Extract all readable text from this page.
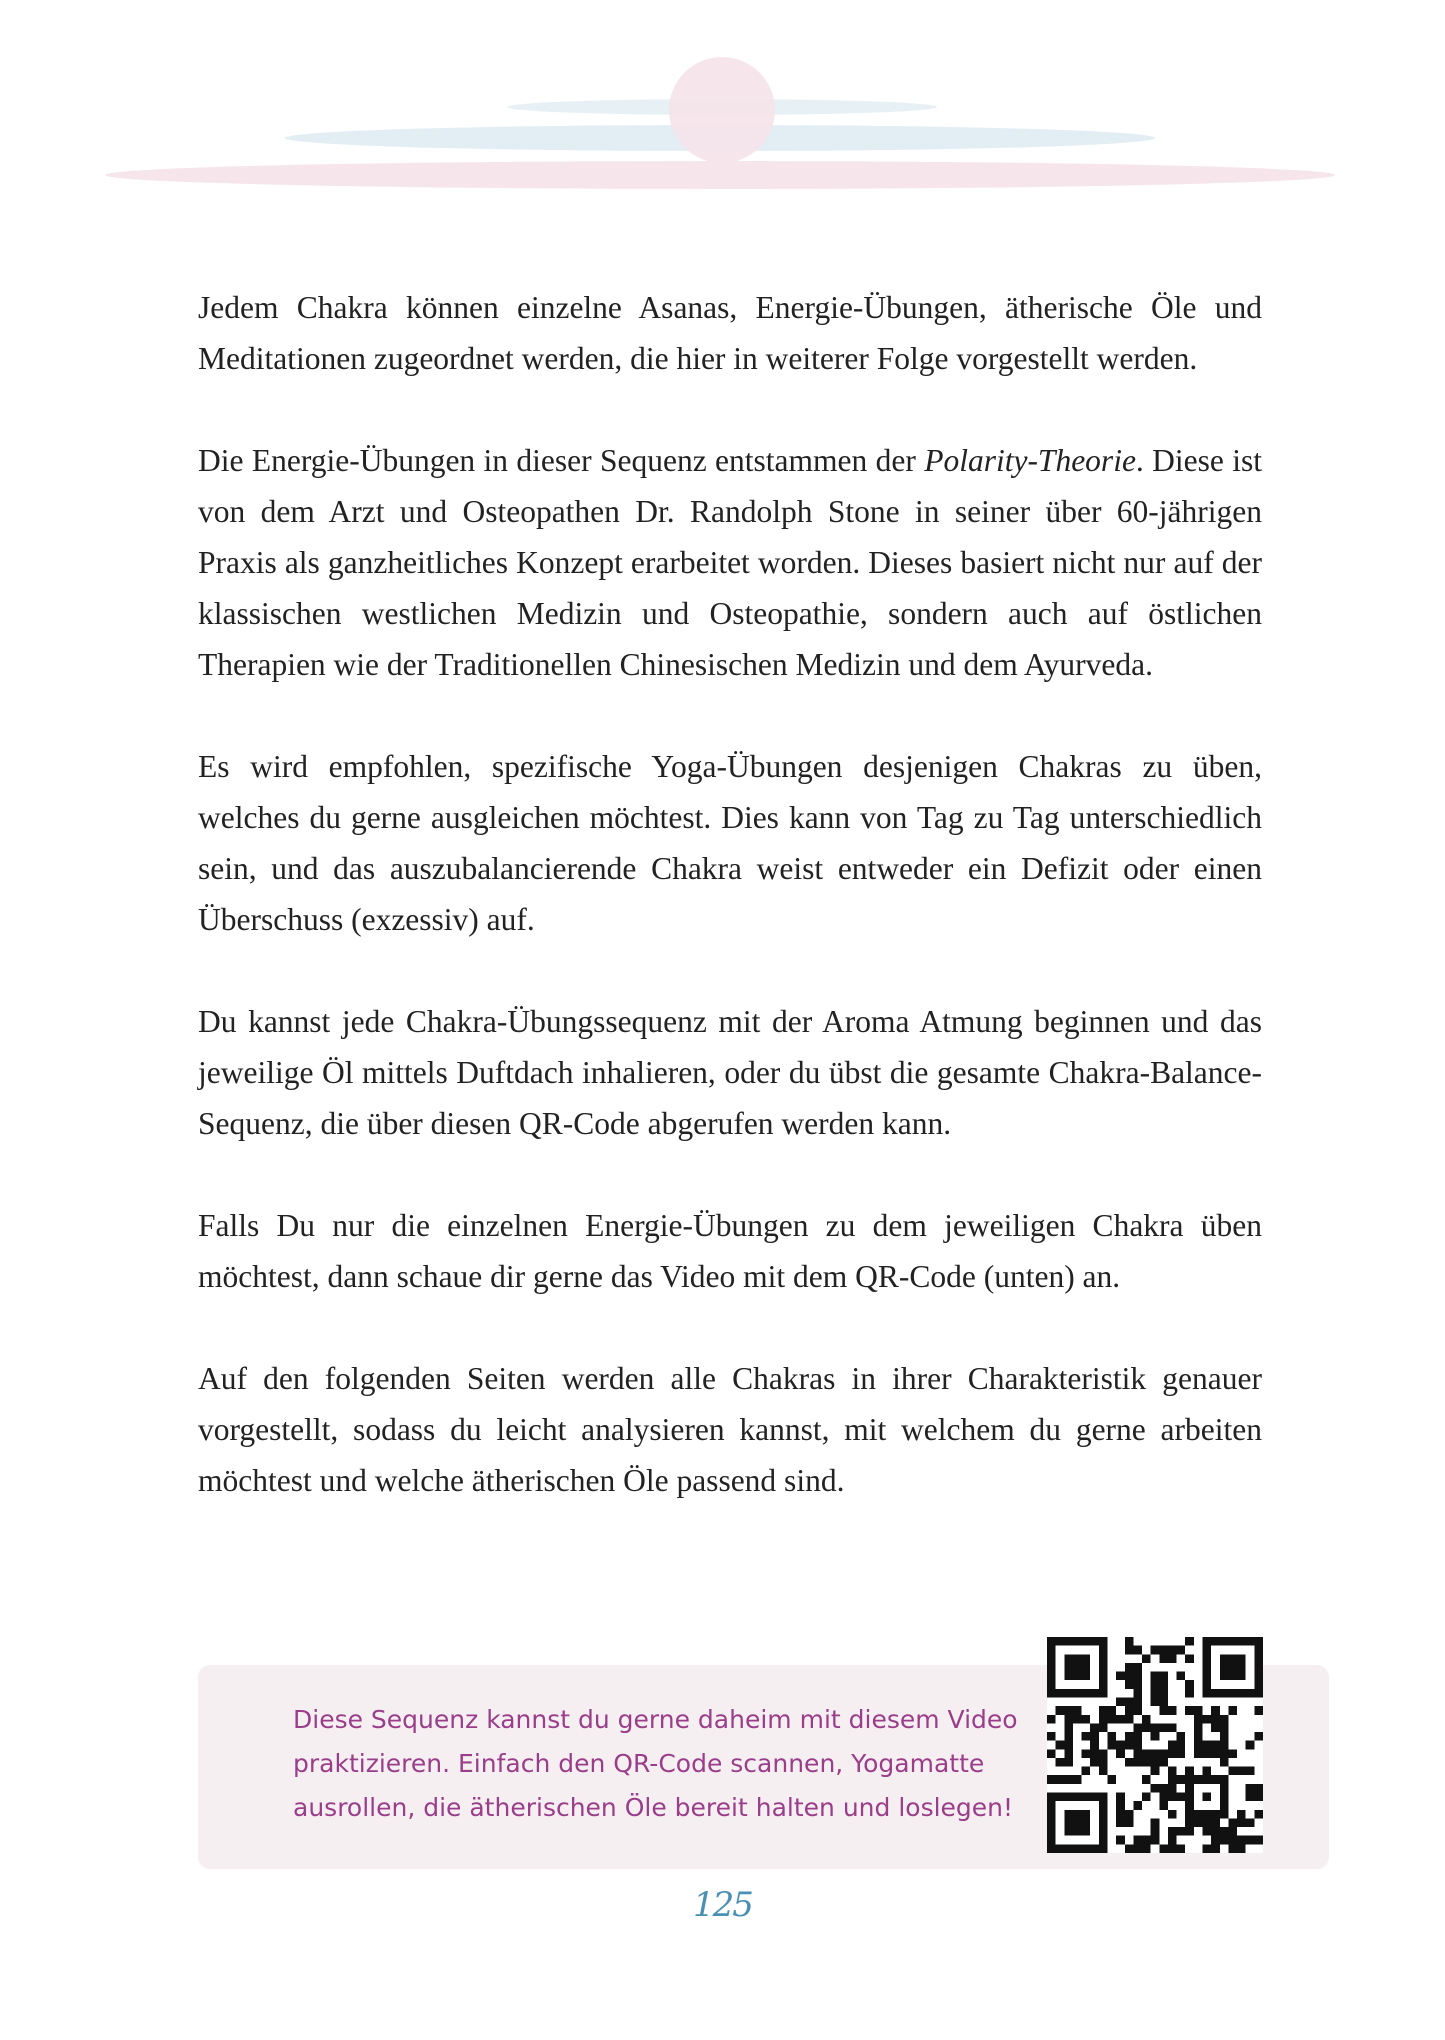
Jedem Chakra können einzelne Asanas, Energie-Übungen, ätherische Öle und Meditationen zugeordnet werden, die hier in weiterer Folge vorgestellt werden.

Die Energie-Übungen in dieser Sequenz entstammen der Polarity-Theorie. Diese ist von dem Arzt und Osteopathen Dr. Randolph Stone in seiner über 60-jährigen Praxis als ganzheitliches Konzept erarbeitet worden. Dieses basiert nicht nur auf der klassischen westlichen Medizin und Osteopathie, sondern auch auf östlichen Therapien wie der Traditionellen Chinesischen Medizin und dem Ayurveda.

Es wird empfohlen, spezifische Yoga-Übungen desjenigen Chakras zu üben, welches du gerne ausgleichen möchtest. Dies kann von Tag zu Tag unterschiedlich sein, und das auszubalancierende Chakra weist entweder ein Defizit oder einen Überschuss (exzessiv) auf.

Du kannst jede Chakra-Übungssequenz mit der Aroma Atmung beginnen und das jeweilige Öl mittels Duftdach inhalieren, oder du übst die gesamte Chakra-Balance-Sequenz, die über diesen QR-Code abgerufen werden kann.

Falls Du nur die einzelnen Energie-Übungen zu dem jeweiligen Chakra üben möchtest, dann schaue dir gerne das Video mit dem QR-Code (unten) an.

Auf den folgenden Seiten werden alle Chakras in ihrer Charakteristik genauer vorgestellt, sodass du leicht analysieren kannst, mit welchem du gerne arbeiten möchtest und welche ätherischen Öle passend sind.

Diese Sequenz kannst du gerne daheim mit diesem Video praktizieren. Einfach den QR-Code scannen, Yogamatte ausrollen, die ätherischen Öle bereit halten und loslegen!
125
